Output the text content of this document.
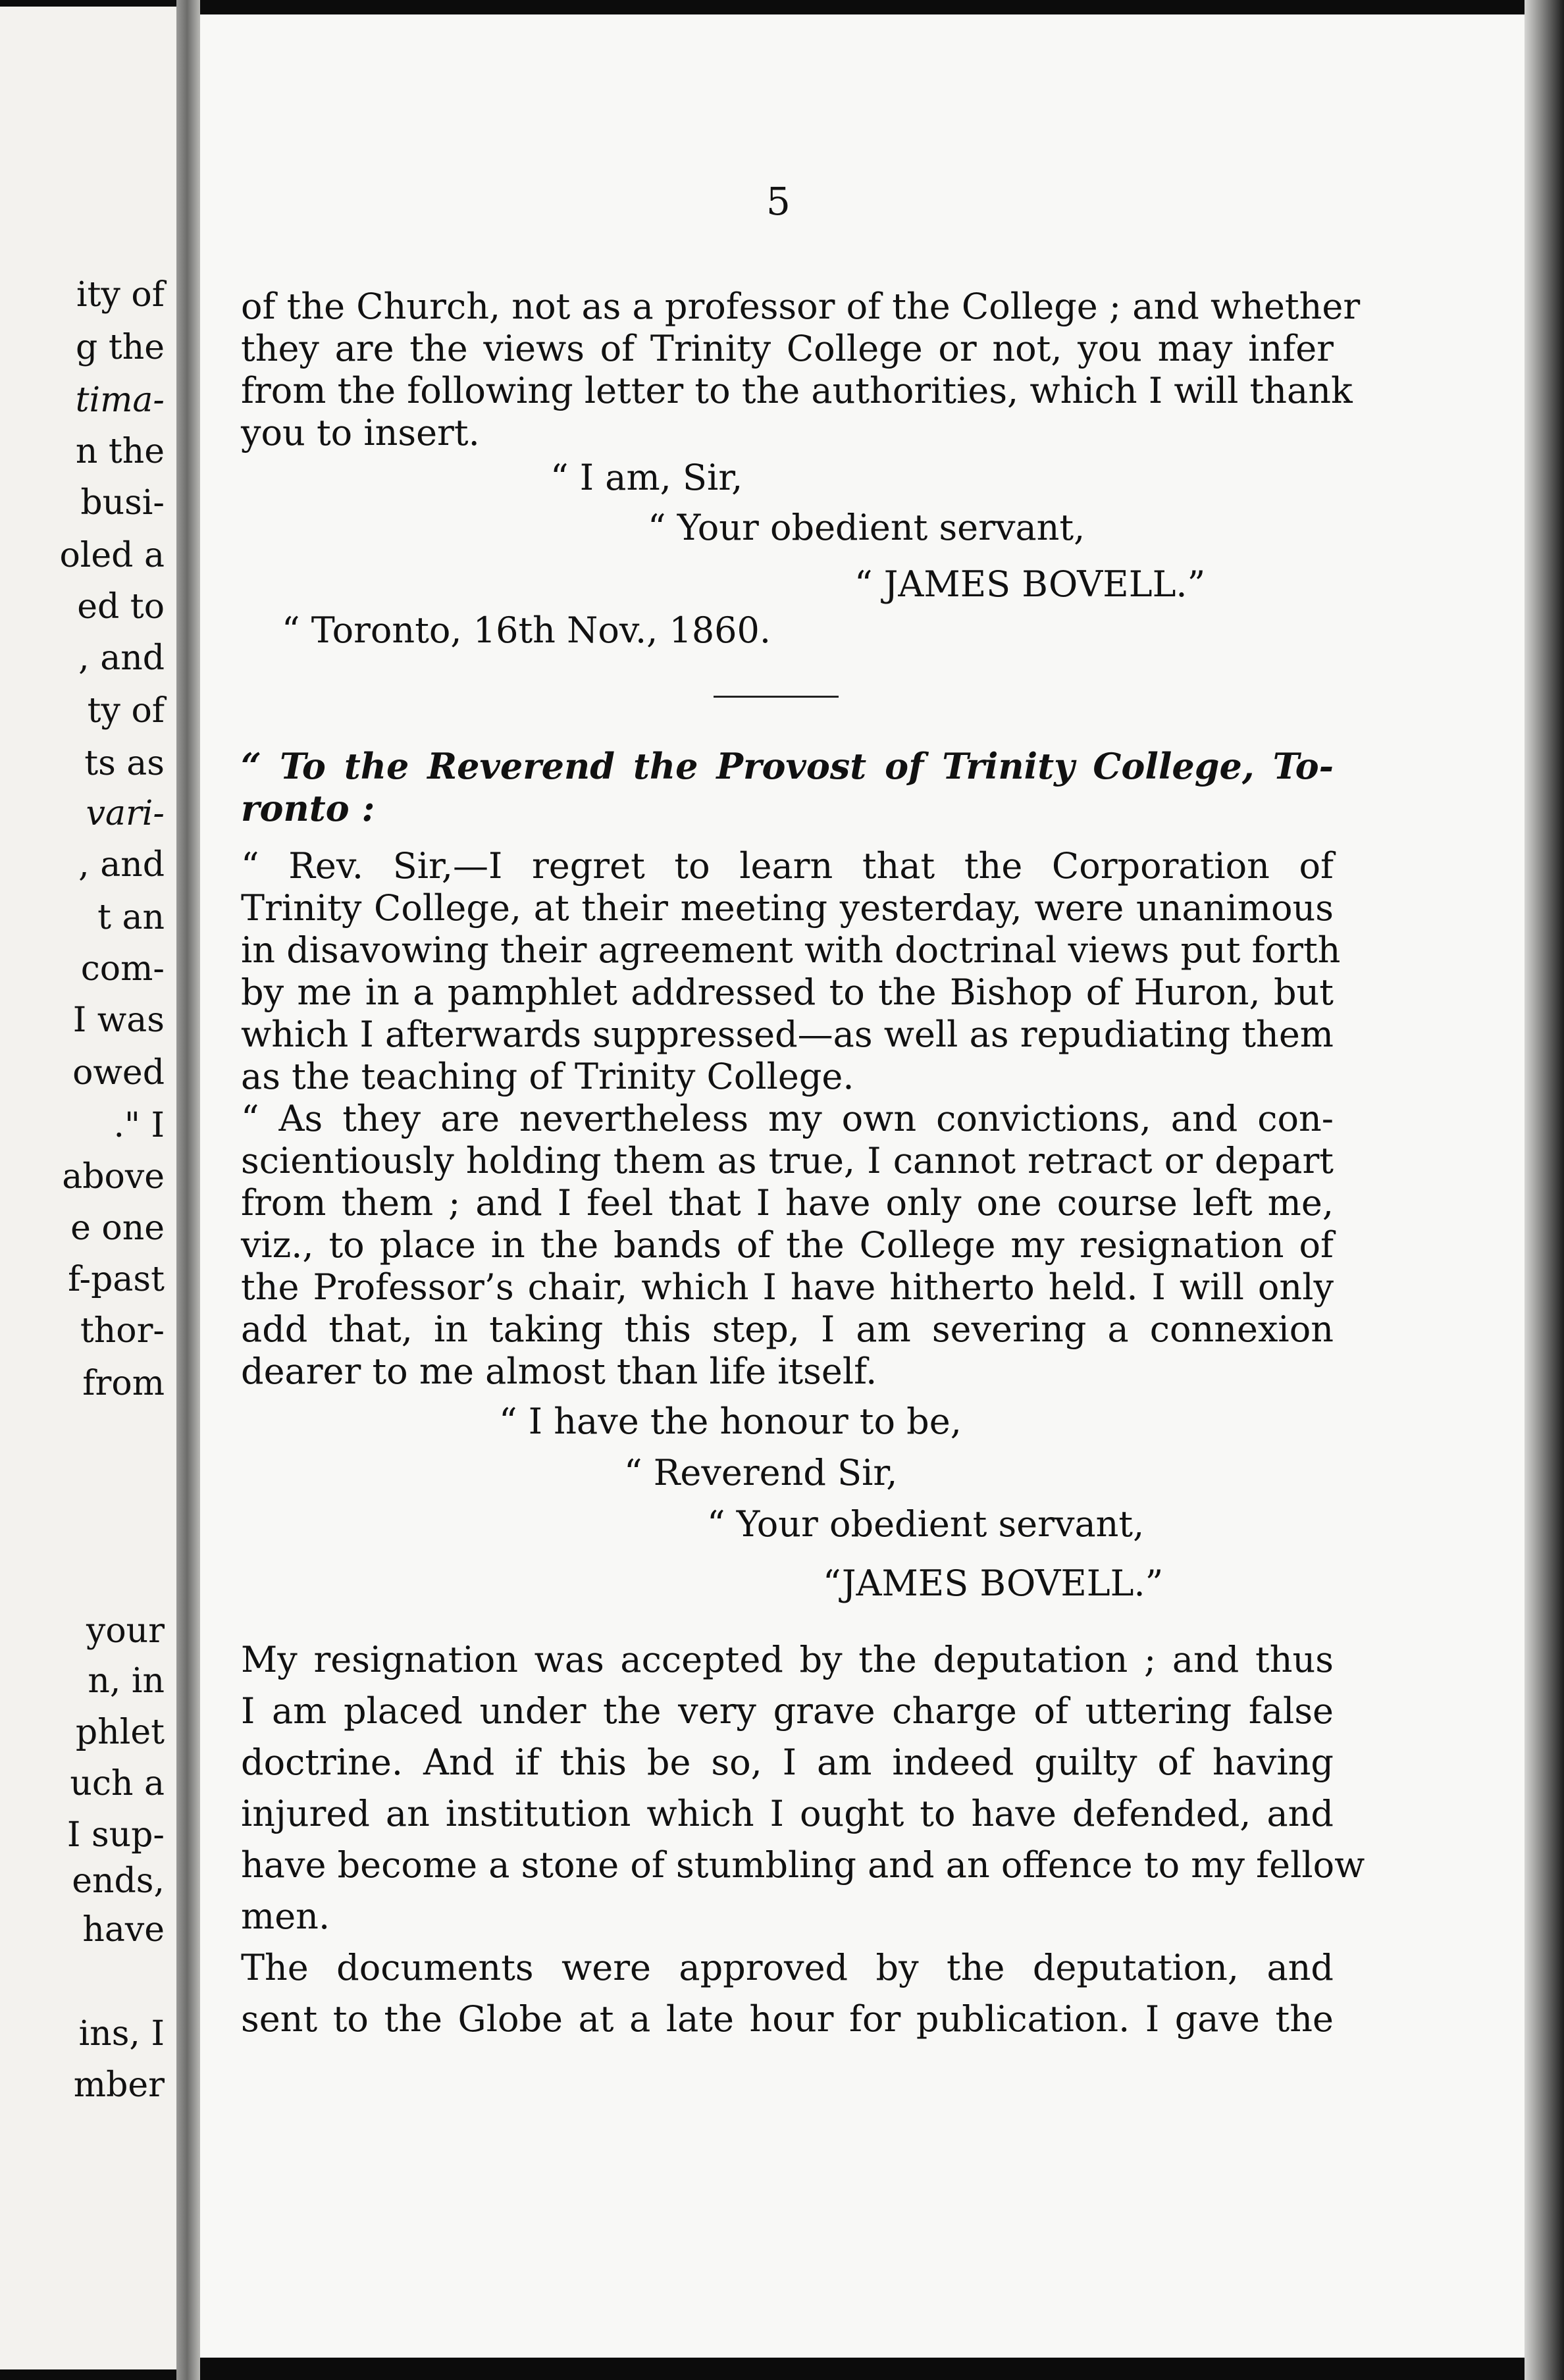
ity of
g the
tima-
n the
busi-
oled a
ed to
, and
ty of
ts as
vari-
, and
t an
com-
I was
owed
." I
above
e one
f-past
thor-
from
your
n, in
phlet
uch a
I sup-
ends,
have
ins, I
mber
5
of the Church, not as a professor of the College ; and whether
they are the views of Trinity College or not, you may infer
from the following letter to the authorities, which I will thank
you to insert.
“ I am, Sir,
“ Your obedient servant,
“ JAMES BOVELL.”
“ Toronto, 16th Nov., 1860.
“ To the Reverend the Provost of Trinity College, To-
ronto :
“ Rev. Sir,—I regret to learn that the Corporation of
Trinity College, at their meeting yesterday, were unanimous
in disavowing their agreement with doctrinal views put forth
by me in a pamphlet addressed to the Bishop of Huron, but
which I afterwards suppressed—as well as repudiating them
as the teaching of Trinity College.
“ As they are nevertheless my own convictions, and con-
scientiously holding them as true, I cannot retract or depart
from them ; and I feel that I have only one course left me,
viz., to place in the bands of the College my resignation of
the Professor’s chair, which I have hitherto held. I will only
add that, in taking this step, I am severing a connexion
dearer to me almost than life itself.
“ I have the honour to be,
“ Reverend Sir,
“ Your obedient servant,
“JAMES BOVELL.”
My resignation was accepted by the deputation ; and thus
I am placed under the very grave charge of uttering false
doctrine. And if this be so, I am indeed guilty of having
injured an institution which I ought to have defended, and
have become a stone of stumbling and an offence to my fellow
men.
The documents were approved by the deputation, and
sent to the Globe at a late hour for publication. I gave the
